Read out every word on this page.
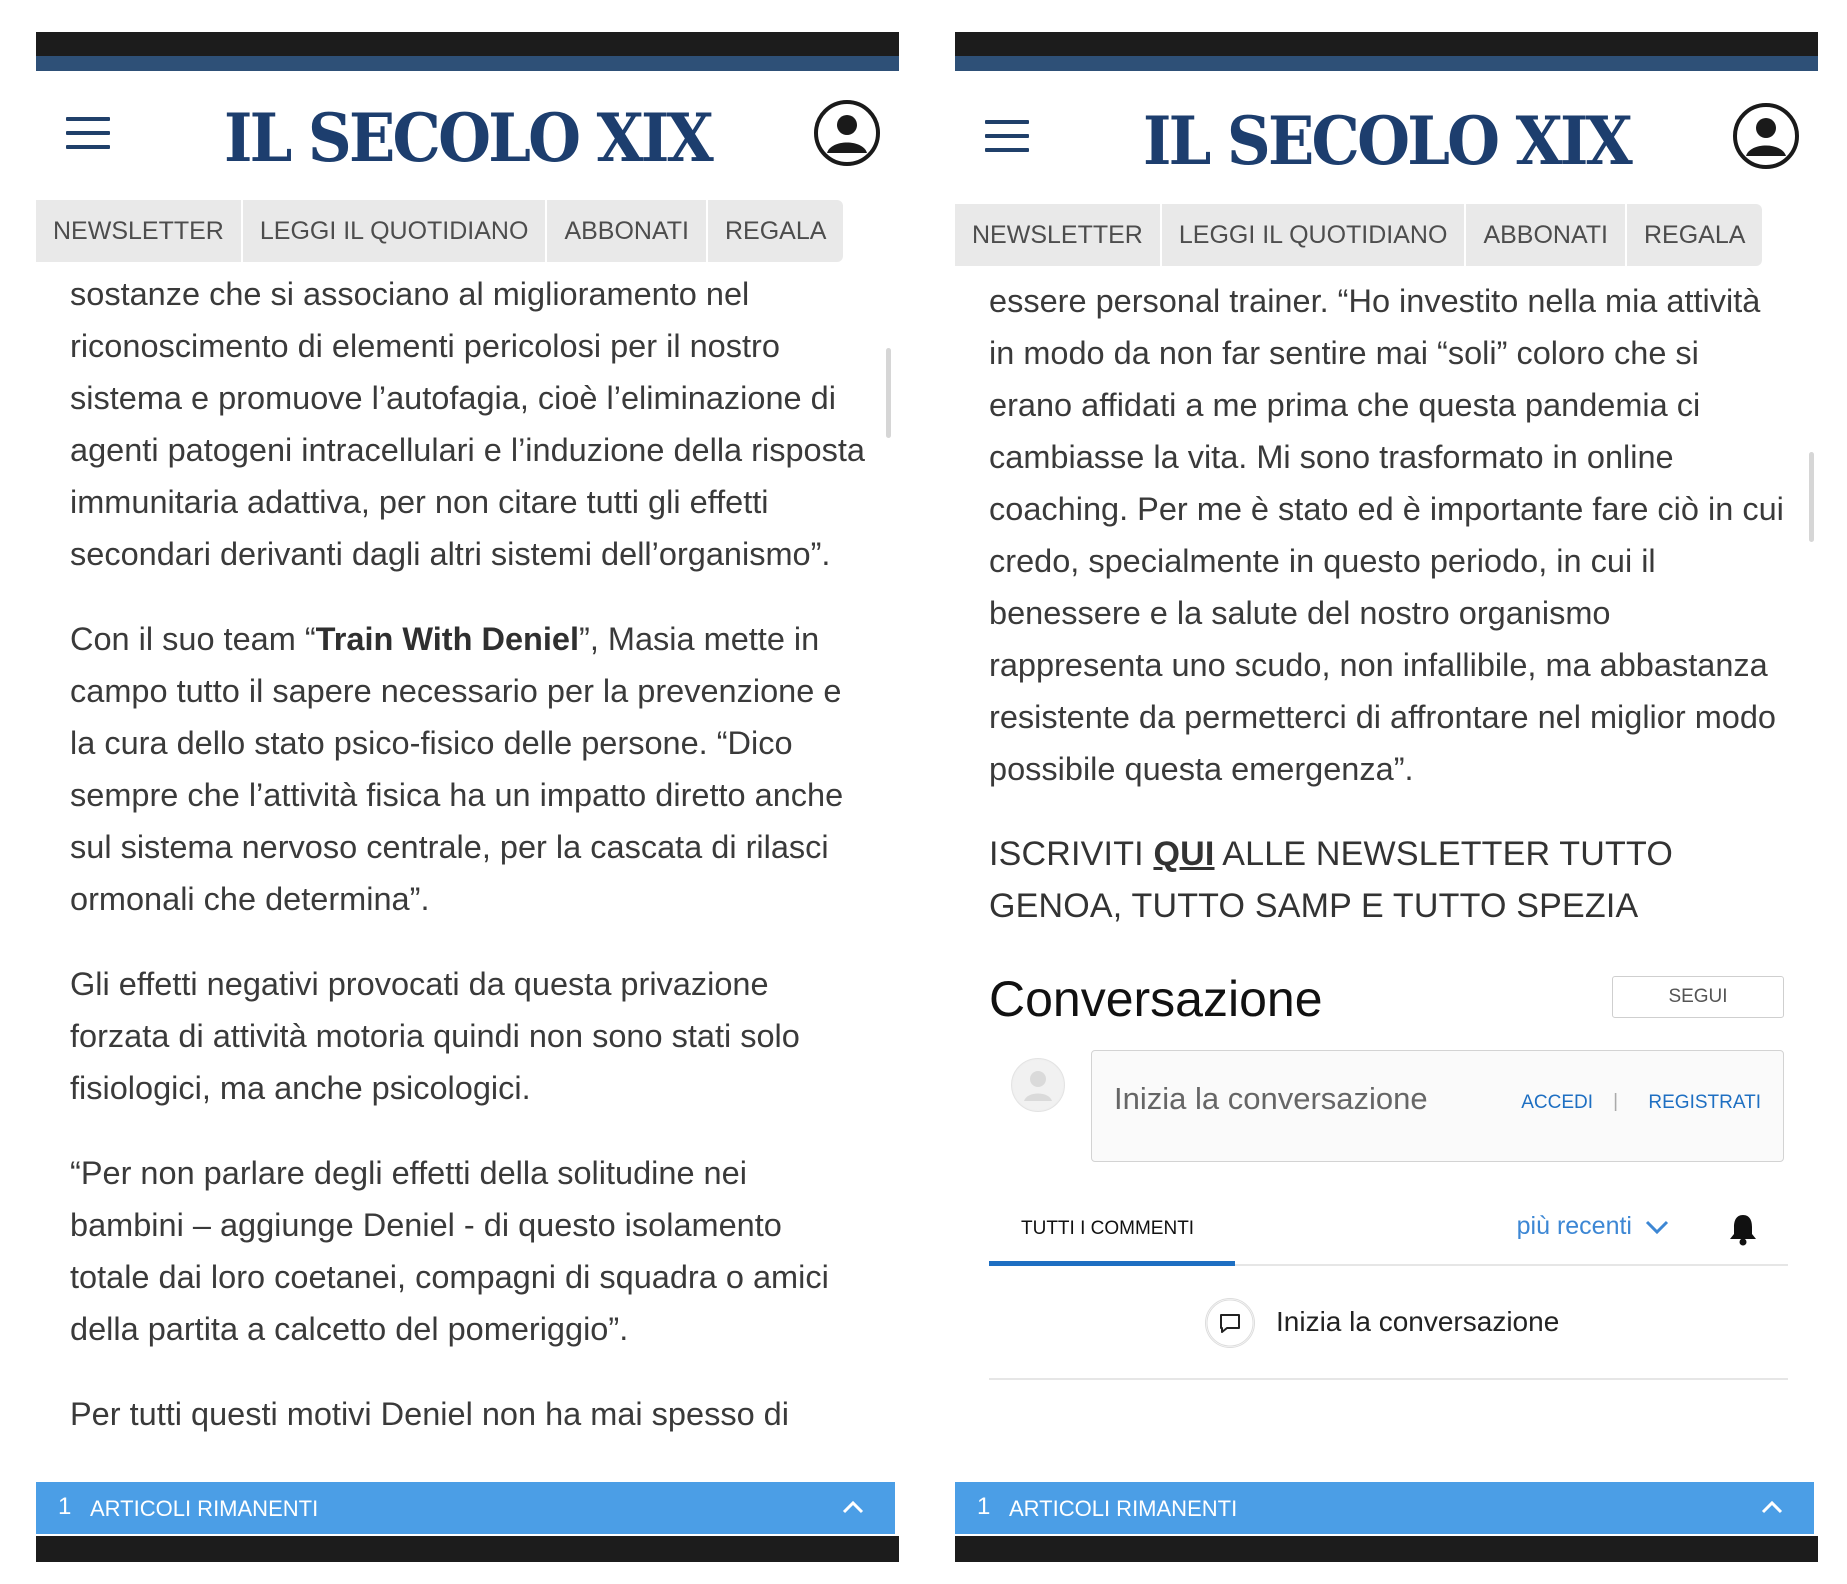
IL SECOLO XIX
NEWSLETTER	LEGGI IL QUOTIDIANO	ABBONATI	REGALA

sostanze che si associano al miglioramento nel riconoscimento di elementi pericolosi per il nostro sistema e promuove l’autofagia, cioè l’eliminazione di agenti patogeni intracellulari e l’induzione della risposta immunitaria adattiva, per non citare tutti gli effetti secondari derivanti dagli altri sistemi dell’organismo”.

Con il suo team “Train With Deniel”, Masia mette in campo tutto il sapere necessario per la prevenzione e la cura dello stato psico-fisico delle persone. “Dico sempre che l’attività fisica ha un impatto diretto anche sul sistema nervoso centrale, per la cascata di rilasci ormonali che determina”.

Gli effetti negativi provocati da questa privazione forzata di attività motoria quindi non sono stati solo fisiologici, ma anche psicologici.

“Per non parlare degli effetti della solitudine nei bambini – aggiunge Deniel - di questo isolamento totale dai loro coetanei, compagni di squadra o amici della partita a calcetto del pomeriggio”.

Per tutti questi motivi Deniel non ha mai spesso di

1 ARTICOLI RIMANENTI
IL SECOLO XIX
NEWSLETTER	LEGGI IL QUOTIDIANO	ABBONATI	REGALA

essere personal trainer. “Ho investito nella mia attività in modo da non far sentire mai “soli” coloro che si erano affidati a me prima che questa pandemia ci cambiasse la vita. Mi sono trasformato in online coaching. Per me è stato ed è importante fare ciò in cui credo, specialmente in questo periodo, in cui il benessere e la salute del nostro organismo rappresenta uno scudo, non infallibile, ma abbastanza resistente da permetterci di affrontare nel miglior modo possibile questa emergenza”.

ISCRIVITI QUI ALLE NEWSLETTER TUTTO GENOA, TUTTO SAMP E TUTTO SPEZIA

Conversazione	SEGUI
Inizia la conversazione	ACCEDI | REGISTRATI
TUTTI I COMMENTI	più recenti
Inizia la conversazione
1 ARTICOLI RIMANENTI
